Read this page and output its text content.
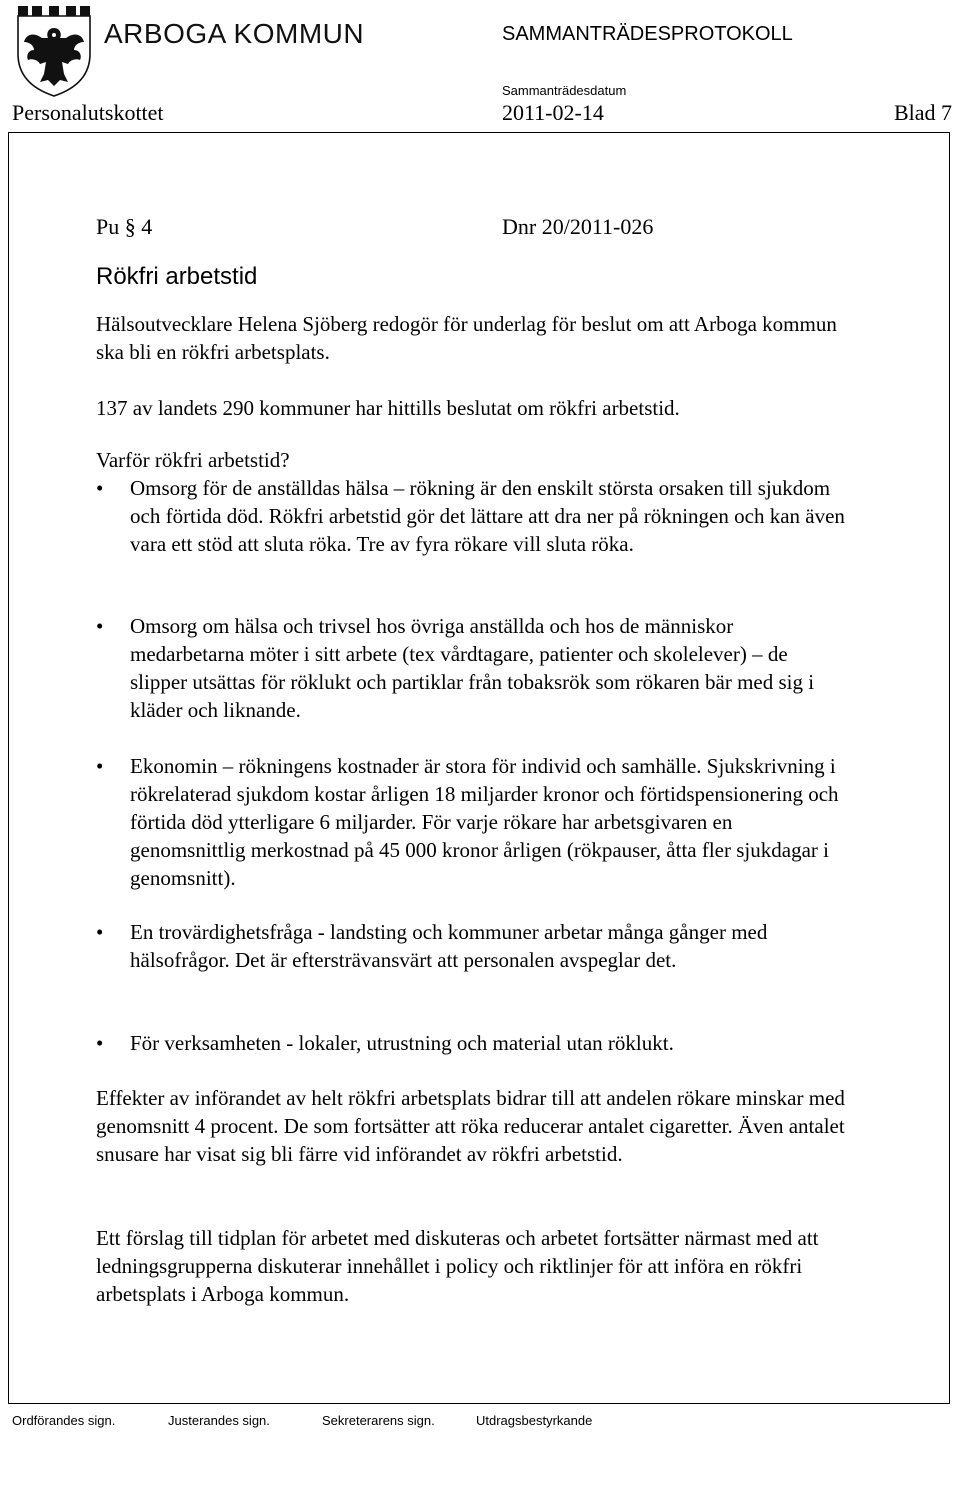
ARBOGA KOMMUN	SAMMANTRÄDESPROTOKOLL
Sammanträdesdatum
Personalutskottet	2011-02-14	Blad 7
Pu § 4	Dnr 20/2011-026
Rökfri arbetstid

Hälsoutvecklare Helena Sjöberg redogör för underlag för beslut om att Arboga kommun ska bli en rökfri arbetsplats.

137 av landets 290 kommuner har hittills beslutat om rökfri arbetstid.

Varför rökfri arbetstid?

•	Omsorg för de anställdas hälsa – rökning är den enskilt största orsaken till sjukdom och förtida död. Rökfri arbetstid gör det lättare att dra ner på rökningen och kan även vara ett stöd att sluta röka. Tre av fyra rökare vill sluta röka.
•	Omsorg om hälsa och trivsel hos övriga anställda och hos de människor medarbetarna möter i sitt arbete (tex vårdtagare, patienter och skolelever) – de slipper utsättas för röklukt och partiklar från tobaksrök som rökaren bär med sig i kläder och liknande.
•	Ekonomin – rökningens kostnader är stora för individ och samhälle. Sjukskrivning i rökrelaterad sjukdom kostar årligen 18 miljarder kronor och förtidspensionering och förtida död ytterligare 6 miljarder. För varje rökare har arbetsgivaren en genomsnittlig merkostnad på 45 000 kronor årligen (rökpauser, åtta fler sjukdagar i genomsnitt).
•	En trovärdighetsfråga - landsting och kommuner arbetar många gånger med hälsofrågor. Det är eftersträvansvärt att personalen avspeglar det.
•	För verksamheten - lokaler, utrustning och material utan röklukt.

Effekter av införandet av helt rökfri arbetsplats bidrar till att andelen rökare minskar med genomsnitt 4 procent. De som fortsätter att röka reducerar antalet cigaretter. Även antalet snusare har visat sig bli färre vid införandet av rökfri arbetstid.

Ett förslag till tidplan för arbetet med diskuteras och arbetet fortsätter närmast med att ledningsgrupperna diskuterar innehållet i policy och riktlinjer för att införa en rökfri arbetsplats i Arboga kommun.

Ordförandes sign.	Justerandes sign.	Sekreterarens sign.	Utdragsbestyrkande
